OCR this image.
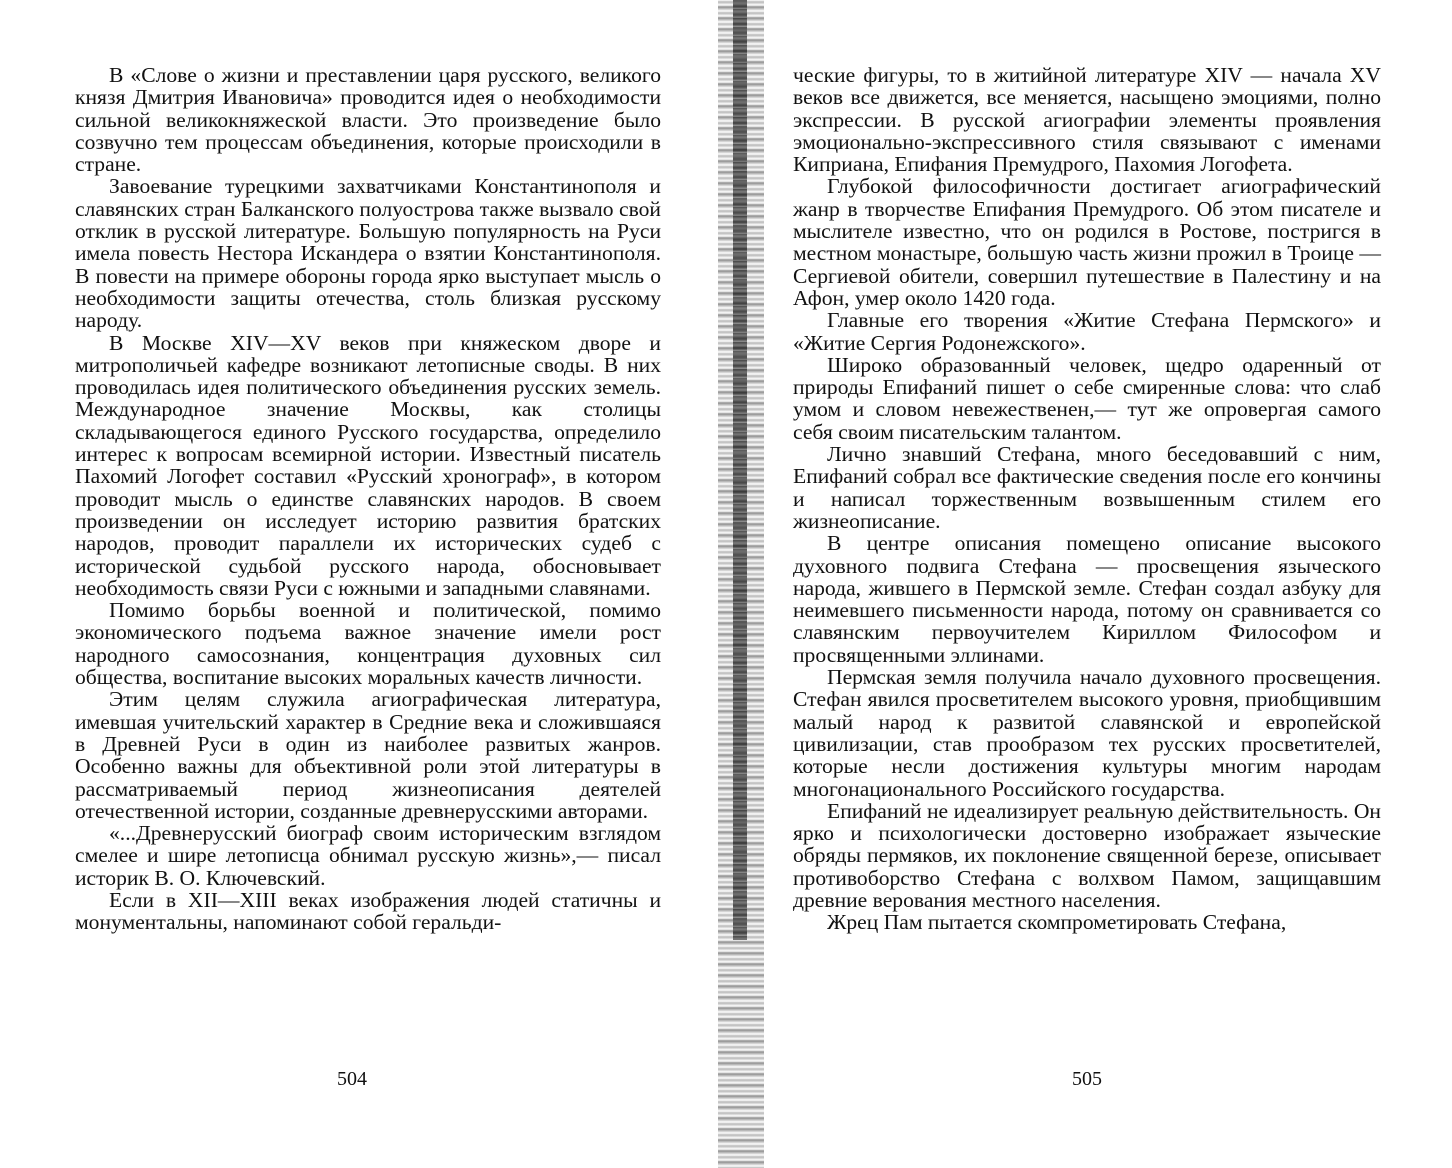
В «Слове о жизни и преставлении царя русского, великого князя Дмитрия Ивановича» проводится идея о необходимости сильной великокняжеской власти. Это произведение было созвучно тем процессам объединения, которые происходили в стране.

Завоевание турецкими захватчиками Константинополя и славянских стран Балканского полуострова также вызвало свой отклик в русской литературе. Большую популярность на Руси имела повесть Нестора Искандера о взятии Константинополя. В повести на примере обороны города ярко выступает мысль о необходимости защиты отечества, столь близкая русскому народу.

В Москве XIV—XV веков при княжеском дворе и митрополичьей кафедре возникают летописные своды. В них проводилась идея политического объединения русских земель. Международное значение Москвы, как столицы складывающегося единого Русского государства, определило интерес к вопросам всемирной истории. Известный писатель Пахомий Логофет составил «Русский хронограф», в котором проводит мысль о единстве славянских народов. В своем произведении он исследует историю развития братских народов, проводит параллели их исторических судеб с исторической судьбой русского народа, обосновывает необходимость связи Руси с южными и западными славянами.

Помимо борьбы военной и политической, помимо экономического подъема важное значение имели рост народного самосознания, концентрация духовных сил общества, воспитание высоких моральных качеств личности.

Этим целям служила агиографическая литература, имевшая учительский характер в Средние века и сложившаяся в Древней Руси в один из наиболее развитых жанров. Особенно важны для объективной роли этой литературы в рассматриваемый период жизнеописания деятелей отечественной истории, созданные древнерусскими авторами.

«...Древнерусский биограф своим историческим взглядом смелее и шире летописца обнимал русскую жизнь»,— писал историк В. О. Ключевский.

Если в XII—XIII веках изображения людей статичны и монументальны, напоминают собой геральди-

504

ческие фигуры, то в житийной литературе XIV — начала XV веков все движется, все меняется, насыщено эмоциями, полно экспрессии. В русской агиографии элементы проявления эмоционально-экспрессивного стиля связывают с именами Киприана, Епифания Премудрого, Пахомия Логофета.

Глубокой философичности достигает агиографический жанр в творчестве Епифания Премудрого. Об этом писателе и мыслителе известно, что он родился в Ростове, постригся в местном монастыре, большую часть жизни прожил в Троице — Сергиевой обители, совершил путешествие в Палестину и на Афон, умер около 1420 года.

Главные его творения «Житие Стефана Пермского» и «Житие Сергия Родонежского».

Широко образованный человек, щедро одаренный от природы Епифаний пишет о себе смиренные слова: что слаб умом и словом невежественен,— тут же опровергая самого себя своим писательским талантом.

Лично знавший Стефана, много беседовавший с ним, Епифаний собрал все фактические сведения после его кончины и написал торжественным возвышенным стилем его жизнеописание.

В центре описания помещено описание высокого духовного подвига Стефана — просвещения языческого народа, жившего в Пермской земле. Стефан создал азбуку для неимевшего письменности народа, потому он сравнивается со славянским первоучителем Кириллом Философом и просвященными эллинами.

Пермская земля получила начало духовного просвещения. Стефан явился просветителем высокого уровня, приобщившим малый народ к развитой славянской и европейской цивилизации, став прообразом тех русских просветителей, которые несли достижения культуры многим народам многонационального Российского государства.

Епифаний не идеализирует реальную действительность. Он ярко и психологически достоверно изображает языческие обряды пермяков, их поклонение священной березе, описывает противоборство Стефана с волхвом Памом, защищавшим древние верования местного населения.

Жрец Пам пытается скомпрометировать Стефана,

505
